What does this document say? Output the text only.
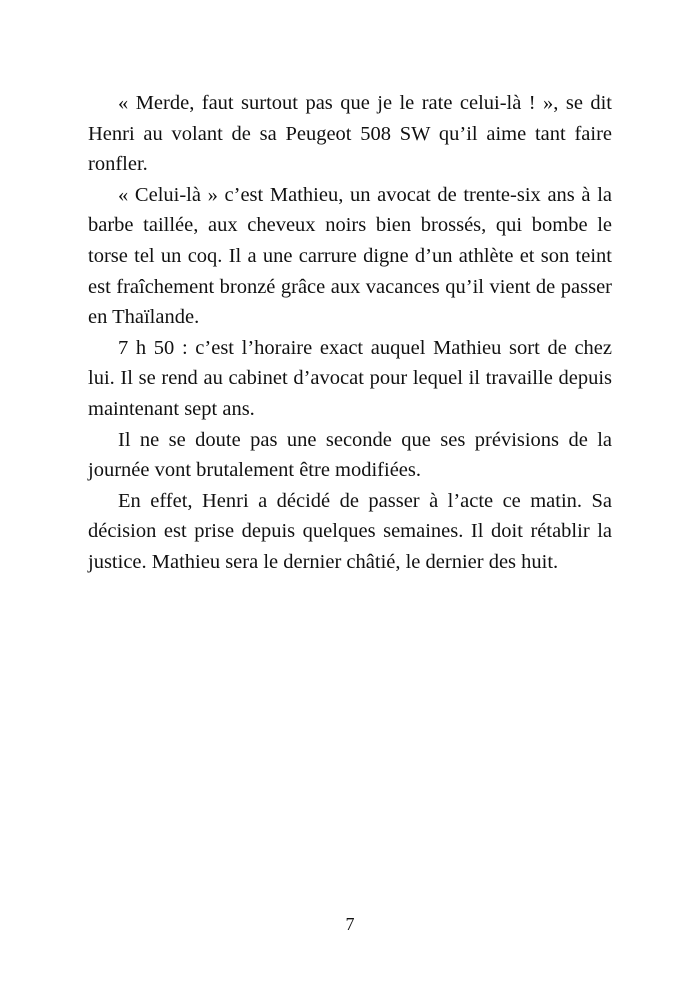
« Merde, faut surtout pas que je le rate celui-là ! », se dit Henri au volant de sa Peugeot 508 SW qu’il aime tant faire ronfler.

« Celui-là » c’est Mathieu, un avocat de trente-six ans à la barbe taillée, aux cheveux noirs bien brossés, qui bombe le torse tel un coq. Il a une carrure digne d’un athlète et son teint est fraîchement bronzé grâce aux vacances qu’il vient de passer en Thaïlande.

7 h 50 : c’est l’horaire exact auquel Mathieu sort de chez lui. Il se rend au cabinet d’avocat pour lequel il travaille depuis maintenant sept ans.

Il ne se doute pas une seconde que ses prévisions de la journée vont brutalement être modifiées.

En effet, Henri a décidé de passer à l’acte ce matin. Sa décision est prise depuis quelques semaines. Il doit rétablir la justice. Mathieu sera le dernier châtié, le dernier des huit.

7
